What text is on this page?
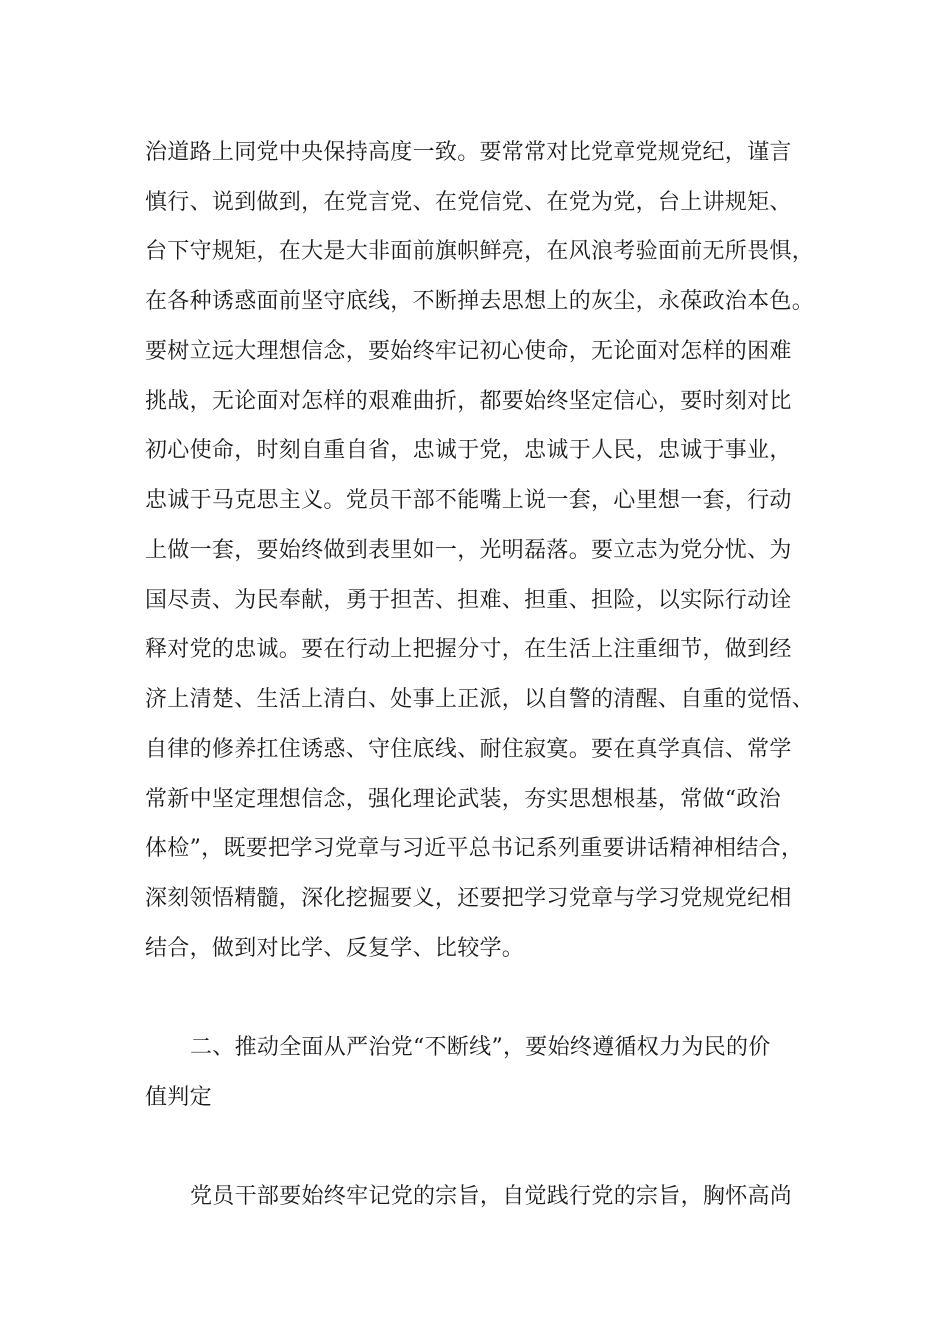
治道路上同党中央保持高度一致。要常常对比党章党规党纪，谨言
慎行、说到做到，在党言党、在党信党、在党为党，台上讲规矩、
台下守规矩，在大是大非面前旗帜鲜亮，在风浪考验面前无所畏惧，
在各种诱惑面前坚守底线，不断掸去思想上的灰尘，永葆政治本色。
要树立远大理想信念，要始终牢记初心使命，无论面对怎样的困难
挑战，无论面对怎样的艰难曲折，都要始终坚定信心，要时刻对比
初心使命，时刻自重自省，忠诚于党，忠诚于人民，忠诚于事业，
忠诚于马克思主义。党员干部不能嘴上说一套，心里想一套，行动
上做一套，要始终做到表里如一，光明磊落。要立志为党分忧、为
国尽责、为民奉献，勇于担苦、担难、担重、担险，以实际行动诠
释对党的忠诚。要在行动上把握分寸，在生活上注重细节，做到经
济上清楚、生活上清白、处事上正派，以自警的清醒、自重的觉悟、
自律的修养扛住诱惑、守住底线、耐住寂寞。要在真学真信、常学
常新中坚定理想信念，强化理论武装，夯实思想根基，常做“政治
体检”，既要把学习党章与习近平总书记系列重要讲话精神相结合，
深刻领悟精髓，深化挖掘要义，还要把学习党章与学习党规党纪相
结合，做到对比学、反复学、比较学。
二、推动全面从严治党“不断线”，要始终遵循权力为民的价
值判定
党员干部要始终牢记党的宗旨，自觉践行党的宗旨，胸怀高尚
